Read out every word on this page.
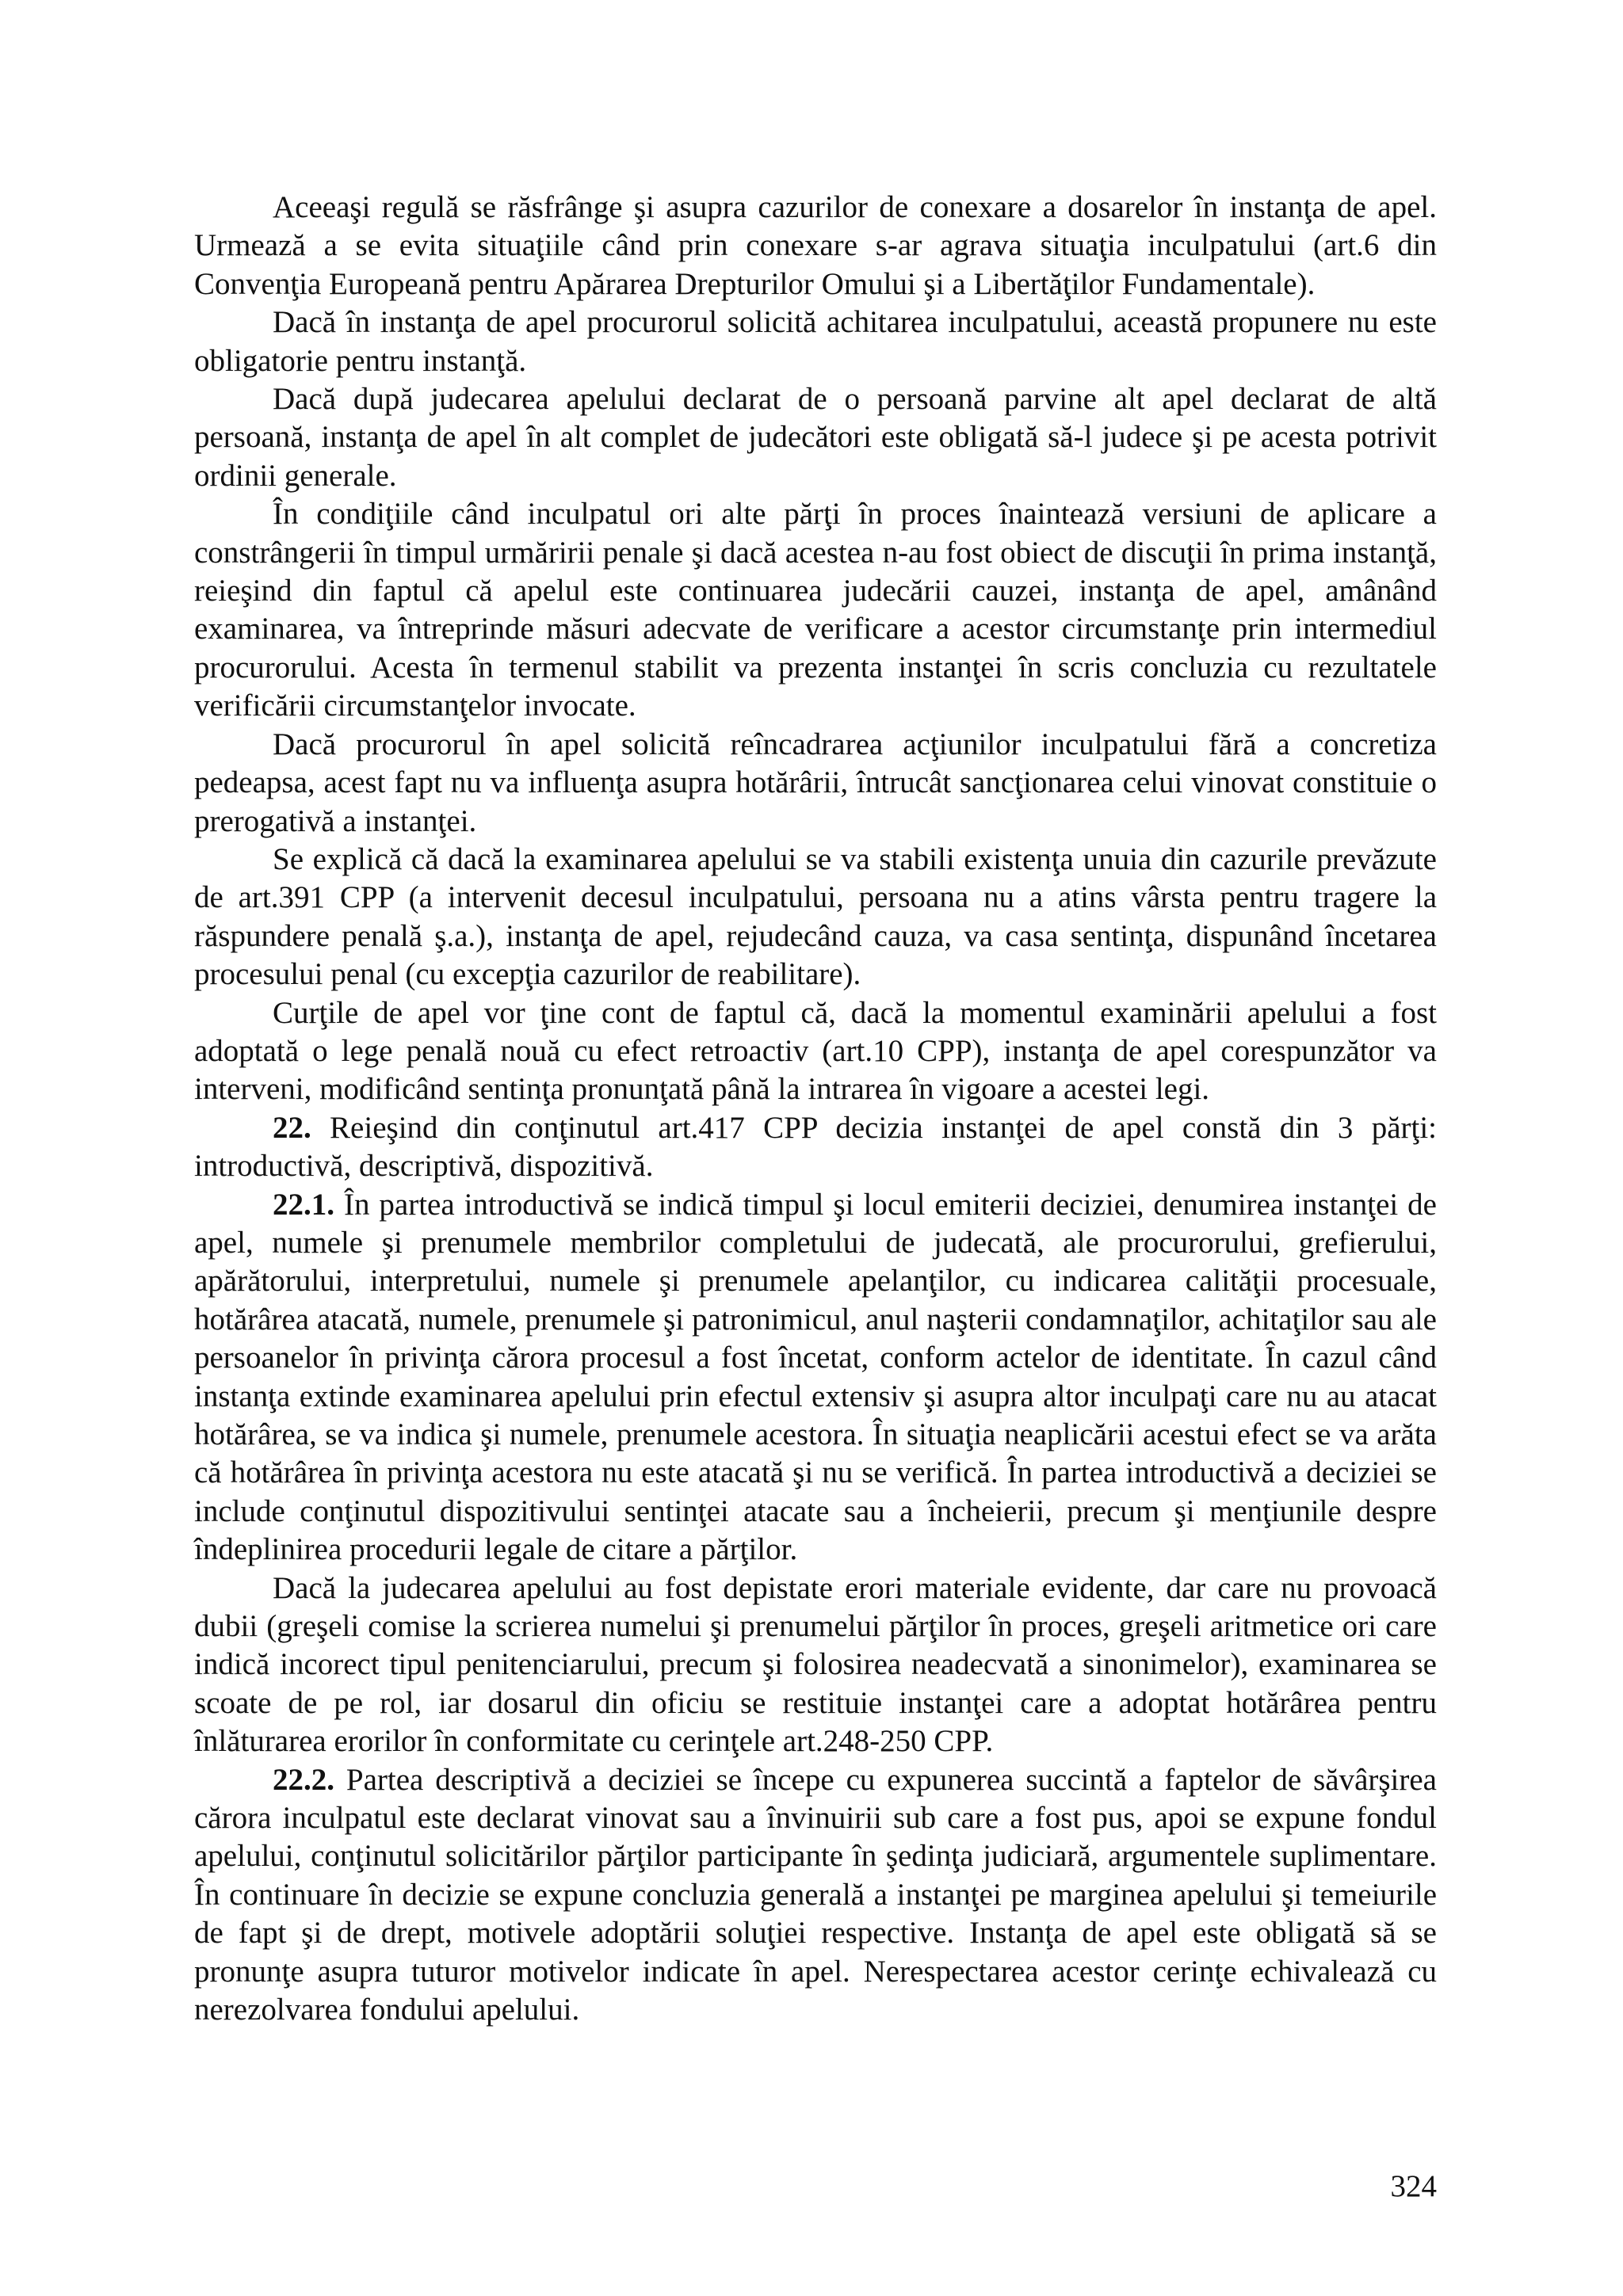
Aceeaşi regulă se răsfrânge şi asupra cazurilor de conexare a dosarelor în instanţa de apel. Urmează a se evita situaţiile când prin conexare s-ar agrava situaţia inculpatului (art.6 din Convenţia Europeană pentru Apărarea Drepturilor Omului şi a Libertăţilor Fundamentale).

Dacă în instanţa de apel procurorul solicită achitarea inculpatului, această propunere nu este obligatorie pentru instanţă.

Dacă după judecarea apelului declarat de o persoană parvine alt apel declarat de altă persoană, instanţa de apel în alt complet de judecători este obligată să-l judece şi pe acesta potrivit ordinii generale.

În condiţiile când inculpatul ori alte părţi în proces înaintează versiuni de aplicare a constrângerii în timpul urmăririi penale şi dacă acestea n-au fost obiect de discuţii în prima instanţă, reieşind din faptul că apelul este continuarea judecării cauzei, instanţa de apel, amânând examinarea, va întreprinde măsuri adecvate de verificare a acestor circumstanţe prin intermediul procurorului. Acesta în termenul stabilit va prezenta instanţei în scris concluzia cu rezultatele verificării circumstanţelor invocate.

Dacă procurorul în apel solicită reîncadrarea acţiunilor inculpatului fără a concretiza pedeapsa, acest fapt nu va influenţa asupra hotărârii, întrucât sancţionarea celui vinovat constituie o prerogativă a instanţei.

Se explică că dacă la examinarea apelului se va stabili existenţa unuia din cazurile prevăzute de art.391 CPP (a intervenit decesul inculpatului, persoana nu a atins vârsta pentru tragere la răspundere penală ş.a.), instanţa de apel, rejudecând cauza, va casa sentinţa, dispunând încetarea procesului penal (cu excepţia cazurilor de reabilitare).

Curţile de apel vor ţine cont de faptul că, dacă la momentul examinării apelului a fost adoptată o lege penală nouă cu efect retroactiv (art.10 CPP), instanţa de apel corespunzător va interveni, modificând sentinţa pronunţată până la intrarea în vigoare a acestei legi.

22. Reieşind din conţinutul art.417 CPP decizia instanţei de apel constă din 3 părţi: introductivă, descriptivă, dispozitivă.

22.1. În partea introductivă se indică timpul şi locul emiterii deciziei, denumirea instanţei de apel, numele şi prenumele membrilor completului de judecată, ale procurorului, grefierului, apărătorului, interpretului, numele şi prenumele apelanţilor, cu indicarea calităţii procesuale, hotărârea atacată, numele, prenumele şi patronimicul, anul naşterii condamnaţilor, achitaţilor sau ale persoanelor în privinţa cărora procesul a fost încetat, conform actelor de identitate. În cazul când instanţa extinde examinarea apelului prin efectul extensiv şi asupra altor inculpaţi care nu au atacat hotărârea, se va indica şi numele, prenumele acestora. În situaţia neaplicării acestui efect se va arăta că hotărârea în privinţa acestora nu este atacată şi nu se verifică. În partea introductivă a deciziei se include conţinutul dispozitivului sentinţei atacate sau a încheierii, precum şi menţiunile despre îndeplinirea procedurii legale de citare a părţilor.

Dacă la judecarea apelului au fost depistate erori materiale evidente, dar care nu provoacă dubii (greşeli comise la scrierea numelui şi prenumelui părţilor în proces, greşeli aritmetice ori care indică incorect tipul penitenciarului, precum şi folosirea neadecvată a sinonimelor), examinarea se scoate de pe rol, iar dosarul din oficiu se restituie instanţei care a adoptat hotărârea pentru înlăturarea erorilor în conformitate cu cerinţele art.248-250 CPP.

22.2. Partea descriptivă a deciziei se începe cu expunerea succintă a faptelor de săvârşirea cărora inculpatul este declarat vinovat sau a învinuirii sub care a fost pus, apoi se expune fondul apelului, conţinutul solicitărilor părţilor participante în şedinţa judiciară, argumentele suplimentare. În continuare în decizie se expune concluzia generală a instanţei pe marginea apelului şi temeiurile de fapt şi de drept, motivele adoptării soluţiei respective. Instanţa de apel este obligată să se pronunţe asupra tuturor motivelor indicate în apel. Nerespectarea acestor cerinţe echivalează cu nerezolvarea fondului apelului.

324
